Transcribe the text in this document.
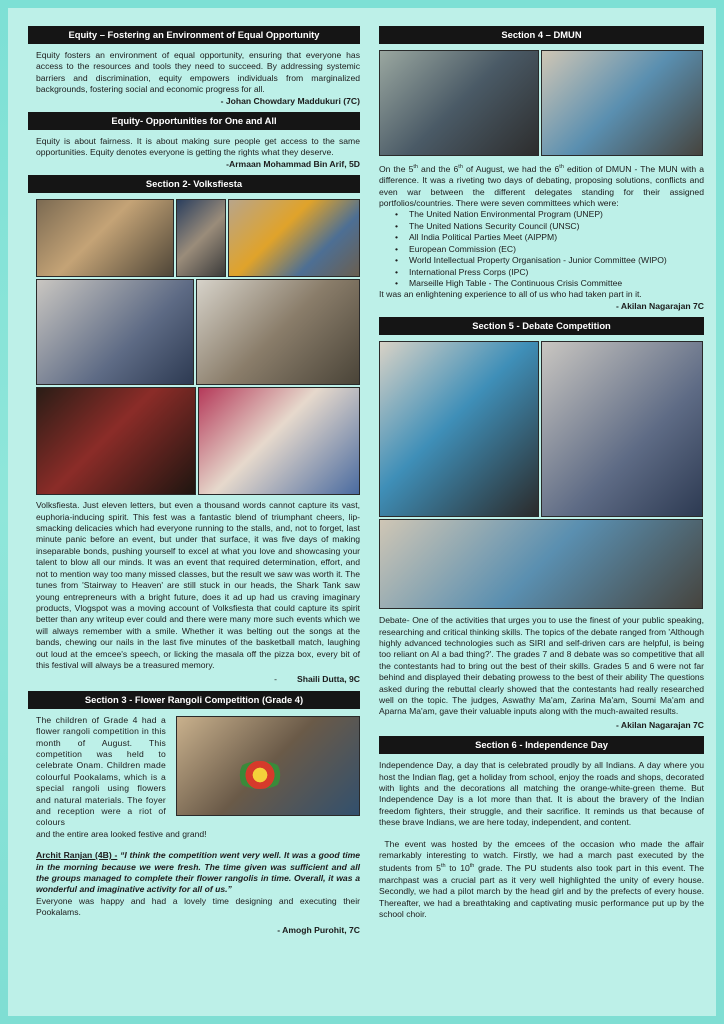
Equity – Fostering an Environment of Equal Opportunity

Equity fosters an environment of equal opportunity, ensuring that everyone has access to the resources and tools they need to succeed. By addressing systemic barriers and discrimination, equity empowers individuals from marginalized backgrounds, fostering social and economic progress for all.

- Johan Chowdary Maddukuri (7C)
Equity- Opportunities for One and All

Equity is about fairness. It is about making sure people get access to the same opportunities. Equity denotes everyone is getting the rights what they deserve.

-Armaan Mohammad Bin Arif, 5D
Section 2- Volksfiesta

Volksfiesta. Just eleven letters, but even a thousand words cannot capture its vast, euphoria-inducing spirit. This fest was a fantastic blend of triumphant cheers, lip-smacking delicacies which had everyone running to the stalls, and, not to forget, last minute panic before an event, but under that surface, it was five days of making inseparable bonds, pushing yourself to excel at what you love and showcasing your talent to blow all our minds. It was an event that required determination, effort, and not to mention way too many missed classes, but the result we saw was worth it. The tunes from 'Stairway to Heaven' are still stuck in our heads, the Shark Tank saw young entrepreneurs with a bright future, does it ad up had us craving imaginary products, Vlogspot was a moving account of Volksfiesta that could capture its spirit better than any writeup ever could and there were many more such events which we will always remember with a smile. Whether it was belting out the songs at the bands, chewing our nails in the last five minutes of the basketball match, laughing out loud at the emcee's speech, or licking the masala off the pizza box, every bit of this festival will always be a treasured memory.

- Shaili Dutta, 9C
Section 3 - Flower Rangoli Competition (Grade 4)

The children of Grade 4 had a flower rangoli competition in this month of August. This competition was held to celebrate Onam. Children made colourful Pookalams, which is a special rangoli using flowers and natural materials. The foyer and reception were a riot of colours

and the entire area looked festive and grand!

Archit Ranjan (4B) - “I think the competition went very well. It was a good time in the morning because we were fresh. The time given was sufficient and all the groups managed to complete their flower rangolis in time. Overall, it was a wonderful and imaginative activity for all of us.”

Everyone was happy and had a lovely time designing and executing their Pookalams.

- Amogh Purohit, 7C
Section 4 – DMUN

On the 5th and the 6th of August, we had the 6th edition of DMUN - The MUN with a difference. It was a riveting two days of debating, proposing solutions, conflicts and even war between the different delegates standing for their assigned portfolios/countries. There were seven committees which were:

• The United Nation Environmental Program (UNEP)
• The United Nations Security Council (UNSC)
• All India Political Parties Meet (AIPPM)
• European Commission (EC)
• World Intellectual Property Organisation - Junior Committee (WIPO)
• International Press Corps (IPC)
• Marseille High Table - The Continuous Crisis Committee

It was an enlightening experience to all of us who had taken part in it.

- Akilan Nagarajan 7C
Section 5 - Debate Competition

Debate- One of the activities that urges you to use the finest of your public speaking, researching and critical thinking skills. The topics of the debate ranged from 'Although highly advanced technologies such as SIRI and self-driven cars are helpful, is being too reliant on AI a bad thing?'. The grades 7 and 8 debate was so competitive that all the contestants had to bring out the best of their skills. Grades 5 and 6 were not far behind and displayed their debating prowess to the best of their ability The questions asked during the rebuttal clearly showed that the contestants had really researched well on the topic. The judges, Aswathy Ma'am, Zarina Ma'am, Soumi Ma'am and Aparna Ma'am, gave their valuable inputs along with the much-awaited results.

- Akilan Nagarajan 7C
Section 6 - Independence Day

Independence Day, a day that is celebrated proudly by all Indians. A day where you host the Indian flag, get a holiday from school, enjoy the roads and shops, decorated with lights and the decorations all matching the orange-white-green theme. But Independence Day is a lot more than that. It is about the bravery of the Indian freedom fighters, their struggle, and their sacrifice. It reminds us that because of these brave Indians, we are here today, independent, and content.

The event was hosted by the emcees of the occasion who made the affair remarkably interesting to watch. Firstly, we had a march past executed by the students from 5th to 10th grade. The PU students also took part in this event. The marchpast was a crucial part as it very well highlighted the unity of every house. Secondly, we had a pilot march by the head girl and by the prefects of every house. Thereafter, we had a breathtaking and captivating music performance put up by the school choir.
